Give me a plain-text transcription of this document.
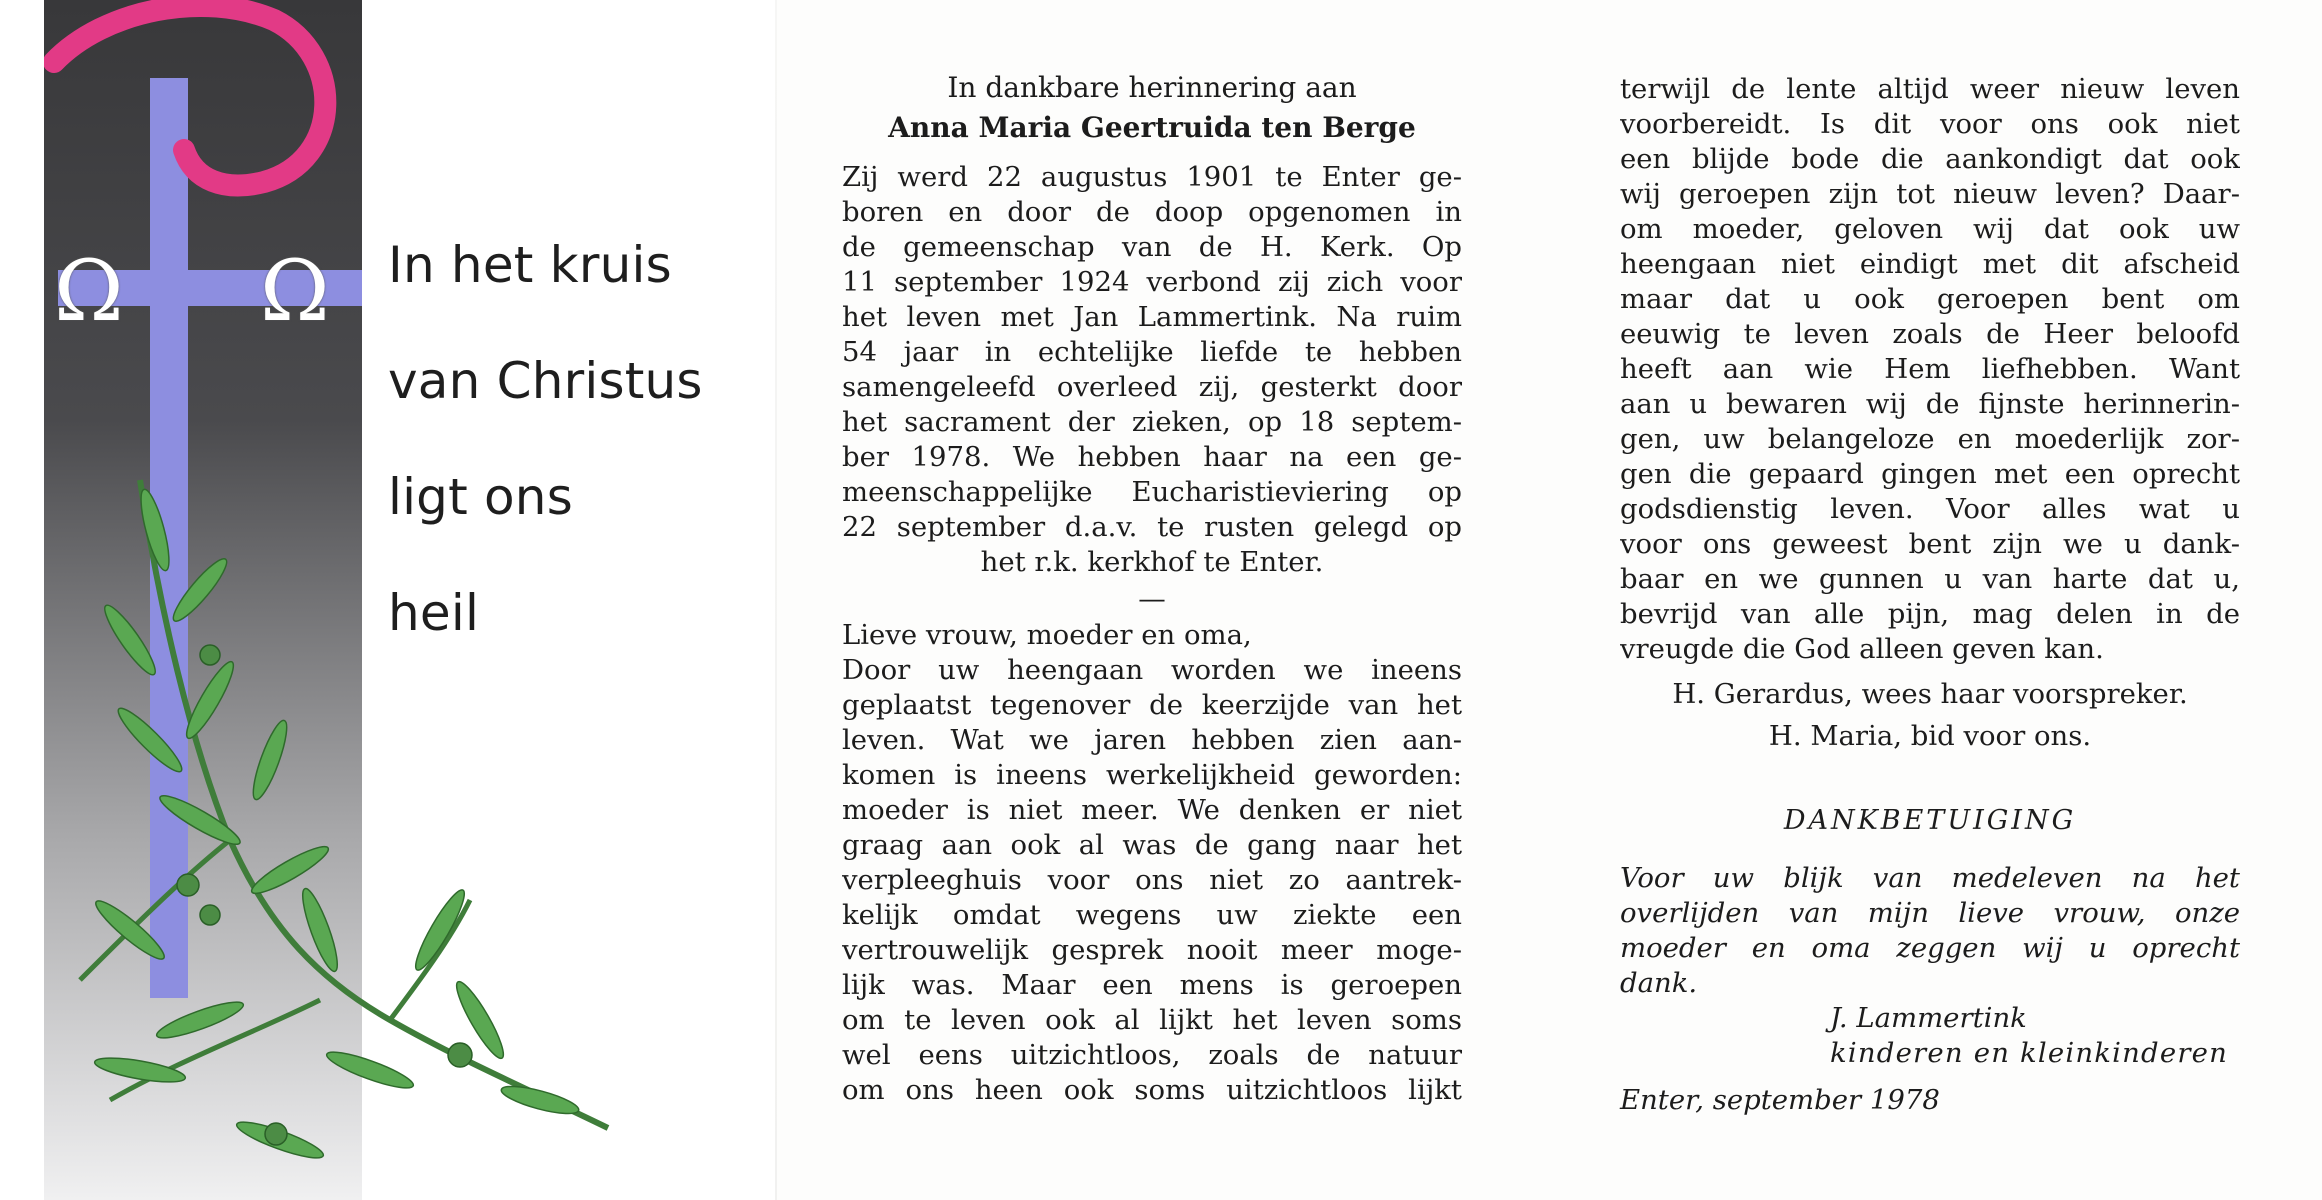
Ω Ω In het kruis
van Christus
ligt ons
heil
In dankbare herinnering aan
Anna Maria Geertruida ten Berge
Zij werd 22 augustus 1901 te Enter ge-
boren en door de doop opgenomen in
de gemeenschap van de H. Kerk. Op
11 september 1924 verbond zij zich voor
het leven met Jan Lammertink. Na ruim
54 jaar in echtelijke liefde te hebben
samengeleefd overleed zij, gesterkt door
het sacrament der zieken, op 18 septem-
ber 1978. We hebben haar na een ge-
meenschappelijke Eucharistieviering op
22 september d.a.v. te rusten gelegd op
het r.k. kerkhof te Enter.
—
Lieve vrouw, moeder en oma,
Door uw heengaan worden we ineens
geplaatst tegenover de keerzijde van het
leven. Wat we jaren hebben zien aan-
komen is ineens werkelijkheid geworden:
moeder is niet meer. We denken er niet
graag aan ook al was de gang naar het
verpleeghuis voor ons niet zo aantrek-
kelijk omdat wegens uw ziekte een
vertrouwelijk gesprek nooit meer moge-
lijk was. Maar een mens is geroepen
om te leven ook al lijkt het leven soms
wel eens uitzichtloos, zoals de natuur
om ons heen ook soms uitzichtloos lijkt
terwijl de lente altijd weer nieuw leven
voorbereidt. Is dit voor ons ook niet
een blijde bode die aankondigt dat ook
wij geroepen zijn tot nieuw leven? Daar-
om moeder, geloven wij dat ook uw
heengaan niet eindigt met dit afscheid
maar dat u ook geroepen bent om
eeuwig te leven zoals de Heer beloofd
heeft aan wie Hem liefhebben. Want
aan u bewaren wij de fijnste herinnerin-
gen, uw belangeloze en moederlijk zor-
gen die gepaard gingen met een oprecht
godsdienstig leven. Voor alles wat u
voor ons geweest bent zijn we u dank-
baar en we gunnen u van harte dat u,
bevrijd van alle pijn, mag delen in de
vreugde die God alleen geven kan.
H. Gerardus, wees haar voorspreker.
H. Maria, bid voor ons.
DANKBETUIGING
Voor uw blijk van medeleven na het
overlijden van mijn lieve vrouw, onze
moeder en oma zeggen wij u oprecht
dank.
J. Lammertink
kinderen en kleinkinderen
Enter, september 1978
